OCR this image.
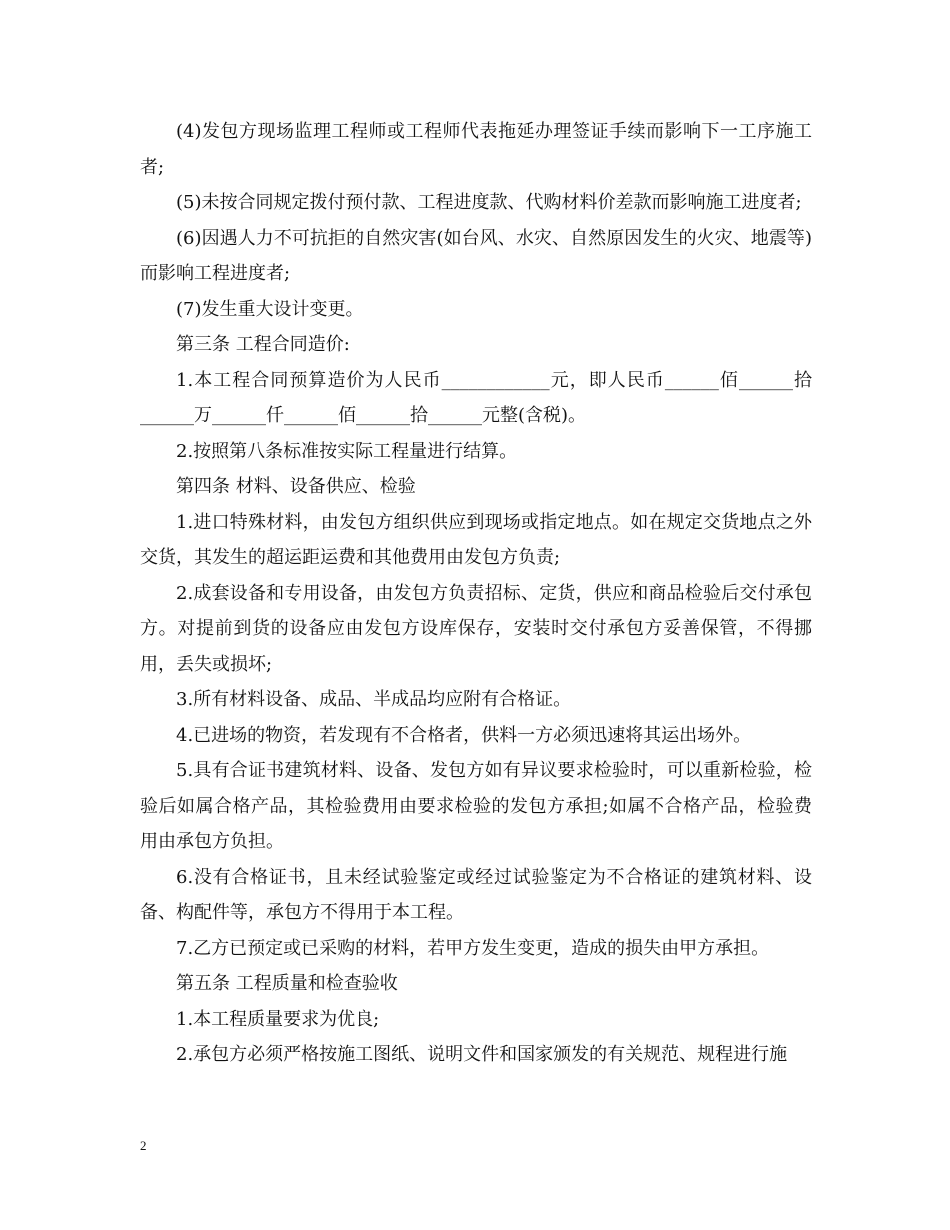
(4)发包方现场监理工程师或工程师代表拖延办理签证手续而影响下一工序施工者;

(5)未按合同规定拨付预付款、工程进度款、代购材料价差款而影响施工进度者;

(6)因遇人力不可抗拒的自然灾害(如台风、水灾、自然原因发生的火灾、地震等)而影响工程进度者;

(7)发生重大设计变更。

第三条 工程合同造价:

1.本工程合同预算造价为人民币____________元，即人民币______佰______拾______万______仟______佰______拾______元整(含税)。

2.按照第八条标准按实际工程量进行结算。

第四条 材料、设备供应、检验

1.进口特殊材料，由发包方组织供应到现场或指定地点。如在规定交货地点之外交货，其发生的超运距运费和其他费用由发包方负责;

2.成套设备和专用设备，由发包方负责招标、定货，供应和商品检验后交付承包方。对提前到货的设备应由发包方设库保存，安装时交付承包方妥善保管，不得挪用，丢失或损坏;

3.所有材料设备、成品、半成品均应附有合格证。

4.已进场的物资，若发现有不合格者，供料一方必须迅速将其运出场外。

5.具有合证书建筑材料、设备、发包方如有异议要求检验时，可以重新检验，检验后如属合格产品，其检验费用由要求检验的发包方承担;如属不合格产品，检验费用由承包方负担。

6.没有合格证书，且未经试验鉴定或经过试验鉴定为不合格证的建筑材料、设备、构配件等，承包方不得用于本工程。

7.乙方已预定或已采购的材料，若甲方发生变更，造成的损失由甲方承担。

第五条 工程质量和检查验收

1.本工程质量要求为优良;

2.承包方必须严格按施工图纸、说明文件和国家颁发的有关规范、规程进行施

2
